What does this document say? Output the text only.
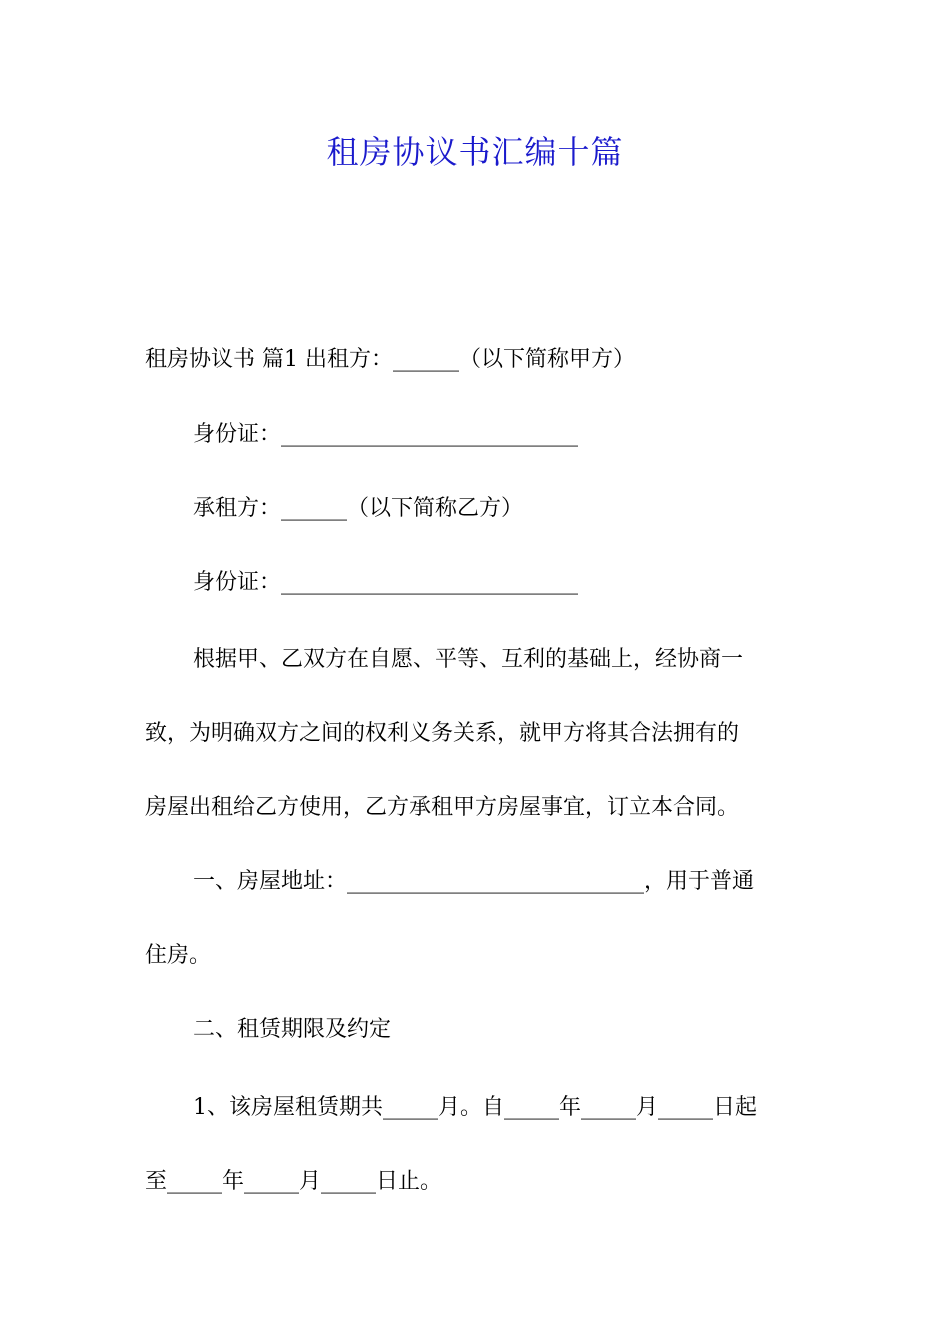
租房协议书汇编十篇
租房协议书 篇1 出租方：______（以下简称甲方）
身份证：___________________________
承租方：______（以下简称乙方）
身份证：___________________________
根据甲、乙双方在自愿、平等、互利的基础上，经协商一
致，为明确双方之间的权利义务关系，就甲方将其合法拥有的
房屋出租给乙方使用，乙方承租甲方房屋事宜，订立本合同。
一、房屋地址：___________________________，用于普通
住房。
二、租赁期限及约定
1、该房屋租赁期共_____月。自_____年_____月_____日起
至_____年_____月_____日止。
